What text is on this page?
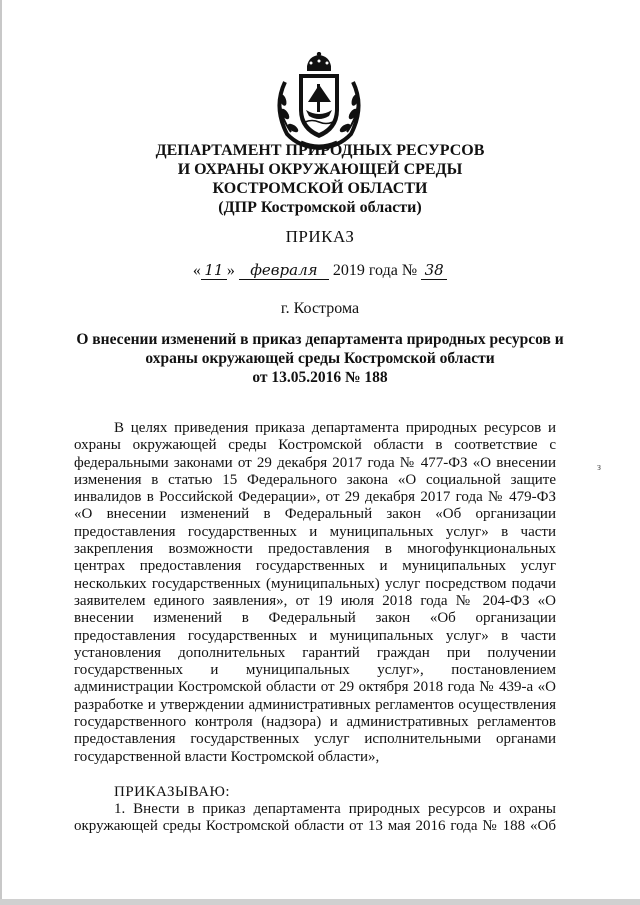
ДЕПАРТАМЕНТ ПРИРОДНЫХ РЕСУРСОВ
И ОХРАНЫ ОКРУЖАЮЩЕЙ СРЕДЫ
КОСТРОМСКОЙ ОБЛАСТИ
(ДПР Костромской области)
ПРИКАЗ
« 11 » февраля 2019 года № 38
г. Кострома
О внесении изменений в приказ департамента природных ресурсов и
охраны окружающей среды Костромской области
от 13.05.2016 № 188
В целях приведения приказа департамента природных ресурсов и
охраны окружающей среды Костромской области в соответствие с
федеральными законами от 29 декабря 2017 года № 477-ФЗ «О внесении
изменения в статью 15 Федерального закона «О социальной защите
инвалидов в Российской Федерации», от 29 декабря 2017 года № 479-ФЗ
«О внесении изменений в Федеральный закон «Об организации
предоставления государственных и муниципальных услуг» в части
закрепления возможности предоставления в многофункциональных
центрах предоставления государственных и муниципальных услуг
нескольких государственных (муниципальных) услуг посредством подачи
заявителем единого заявления», от 19 июля 2018 года № 204-ФЗ «О
внесении изменений в Федеральный закон «Об организации
предоставления государственных и муниципальных услуг» в части
установления дополнительных гарантий граждан при получении
государственных и муниципальных услуг», постановлением
администрации Костромской области от 29 октября 2018 года № 439-а «О
разработке и утверждении административных регламентов осуществления
государственного контроля (надзора) и административных регламентов
предоставления государственных услуг исполнительными органами
государственной власти Костромской области»,
з
ПРИКАЗЫВАЮ:
1. Внести в приказ департамента природных ресурсов и охраны
окружающей среды Костромской области от 13 мая 2016 года № 188 «Об
